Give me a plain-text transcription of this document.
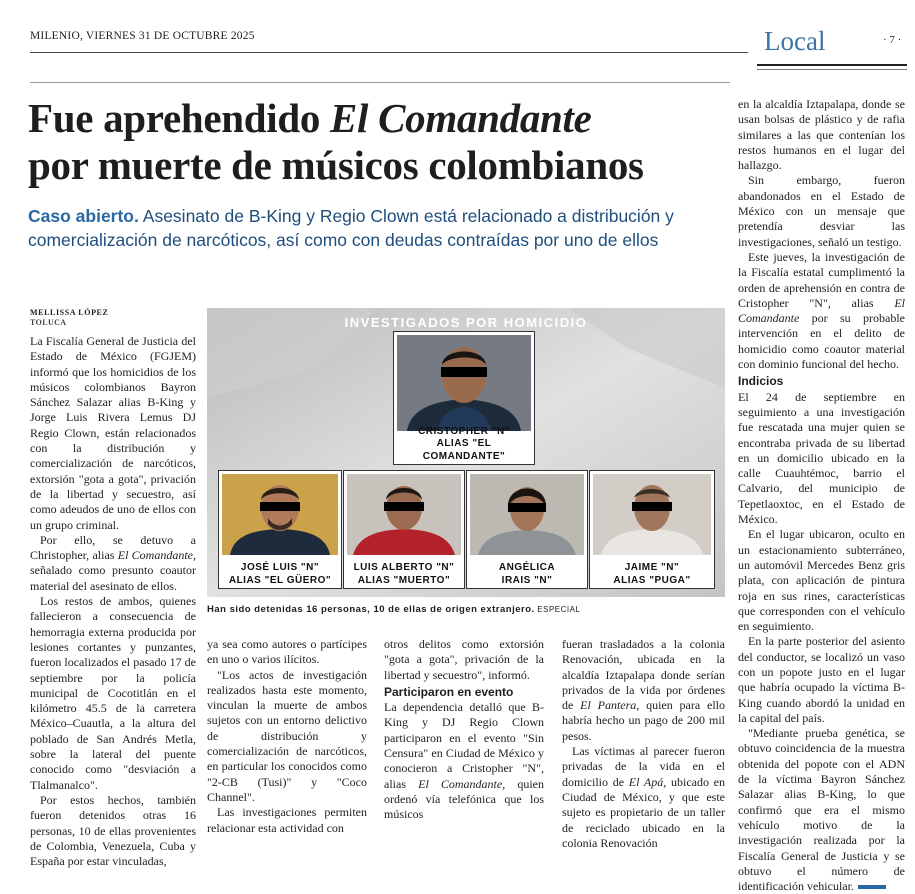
MILENIO, VIERNES 31 DE OCTUBRE 2025	Local	· 7 ·
Fue aprehendido El Comandante
por muerte de músicos colombianos
Caso abierto. Asesinato de B-King y Regio Clown está relacionado a distribución y comercialización de narcóticos, así como con deudas contraídas por uno de ellos
MELLISSA LÓPEZ
TOLUCA

La Fiscalía General de Justicia del Estado de México (FGJEM) informó que los homicidios de los músicos colombianos Bayron Sánchez Salazar alias B-King y Jorge Luis Rivera Lemus DJ Regio Clown, están relacionados con la distribución y comercialización de narcóticos, extorsión "gota a gota", privación de la libertad y secuestro, así como adeudos de uno de ellos con un grupo criminal.

Por ello, se detuvo a Christopher, alias El Comandante, señalado como presunto coautor material del asesinato de ellos.

Los restos de ambos, quienes fallecieron a consecuencia de hemorragia externa producida por lesiones cortantes y punzantes, fueron localizados el pasado 17 de septiembre por la policía municipal de Cocotitlán en el kilómetro 45.5 de la carretera México–Cuautla, a la altura del poblado de San Andrés Metla, sobre la lateral del puente conocido como "desviación a Tlalmanalco".

Por estos hechos, también fueron detenidos otras 16 personas, 10 de ellas provenientes de Colombia, Venezuela, Cuba y España por estar vinculadas,

INVESTIGADOS POR HOMICIDIO
CRISTOPHER "N"
ALIAS "EL COMANDANTE"
JOSÉ LUIS "N"
ALIAS "EL GÜERO"
LUIS ALBERTO "N"
ALIAS "MUERTO"
ANGÉLICA
IRAIS "N"
JAIME "N"
ALIAS "PUGA"
Han sido detenidas 16 personas, 10 de ellas de origen extranjero. ESPECIAL

ya sea como autores o partícipes en uno o varios ilícitos.

"Los actos de investigación realizados hasta este momento, vinculan la muerte de ambos sujetos con un entorno delictivo de distribución y comercialización de narcóticos, en particular los conocidos como "2-CB (Tusi)" y "Coco Channel".

Las investigaciones permiten relacionar esta actividad con

otros delitos como extorsión "gota a gota", privación de la libertad y secuestro", informó.

Participaron en evento

La dependencia detalló que B-King y DJ Regio Clown participaron en el evento "Sin Censura" en Ciudad de México y conocieron a Cristopher "N", alias El Comandante, quien ordenó vía telefónica que los músicos

fueran trasladados a la colonia Renovación, ubicada en la alcaldía Iztapalapa donde serían privados de la vida por órdenes de El Pantera, quien para ello habría hecho un pago de 200 mil pesos.

Las víctimas al parecer fueron privadas de la vida en el domicilio de El Apá, ubicado en Ciudad de México, y que este sujeto es propietario de un taller de reciclado ubicado en la colonia Renovación

en la alcaldía Iztapalapa, donde se usan bolsas de plástico y de rafia similares a las que contenían los restos humanos en el lugar del hallazgo.

Sin embargo, fueron abandonados en el Estado de México con un mensaje que pretendía desviar las investigaciones, señaló un testigo.

Este jueves, la investigación de la Fiscalía estatal cumplimentó la orden de aprehensión en contra de Cristopher "N", alias El Comandante por su probable intervención en el delito de homicidio como coautor material con dominio funcional del hecho.

Indicios

El 24 de septiembre en seguimiento a una investigación fue rescatada una mujer quien se encontraba privada de su libertad en un domicilio ubicado en la calle Cuauhtémoc, barrio el Calvario, del municipio de Tepetlaoxtoc, en el Estado de México.

En el lugar ubicaron, oculto en un estacionamiento subterráneo, un automóvil Mercedes Benz gris plata, con aplicación de pintura roja en sus rines, características que corresponden con el vehículo en seguimiento.

En la parte posterior del asiento del conductor, se localizó un vaso con un popote justo en el lugar que habría ocupado la víctima B-King cuando abordó la unidad en la capital del país.

"Mediante prueba genética, se obtuvo coincidencia de la muestra obtenida del popote con el ADN de la víctima Bayron Sánchez Salazar alias B-King, lo que confirmó que era el mismo vehículo motivo de la investigación realizada por la Fiscalía General de Justicia y se obtuvo el número de identificación vehicular.
